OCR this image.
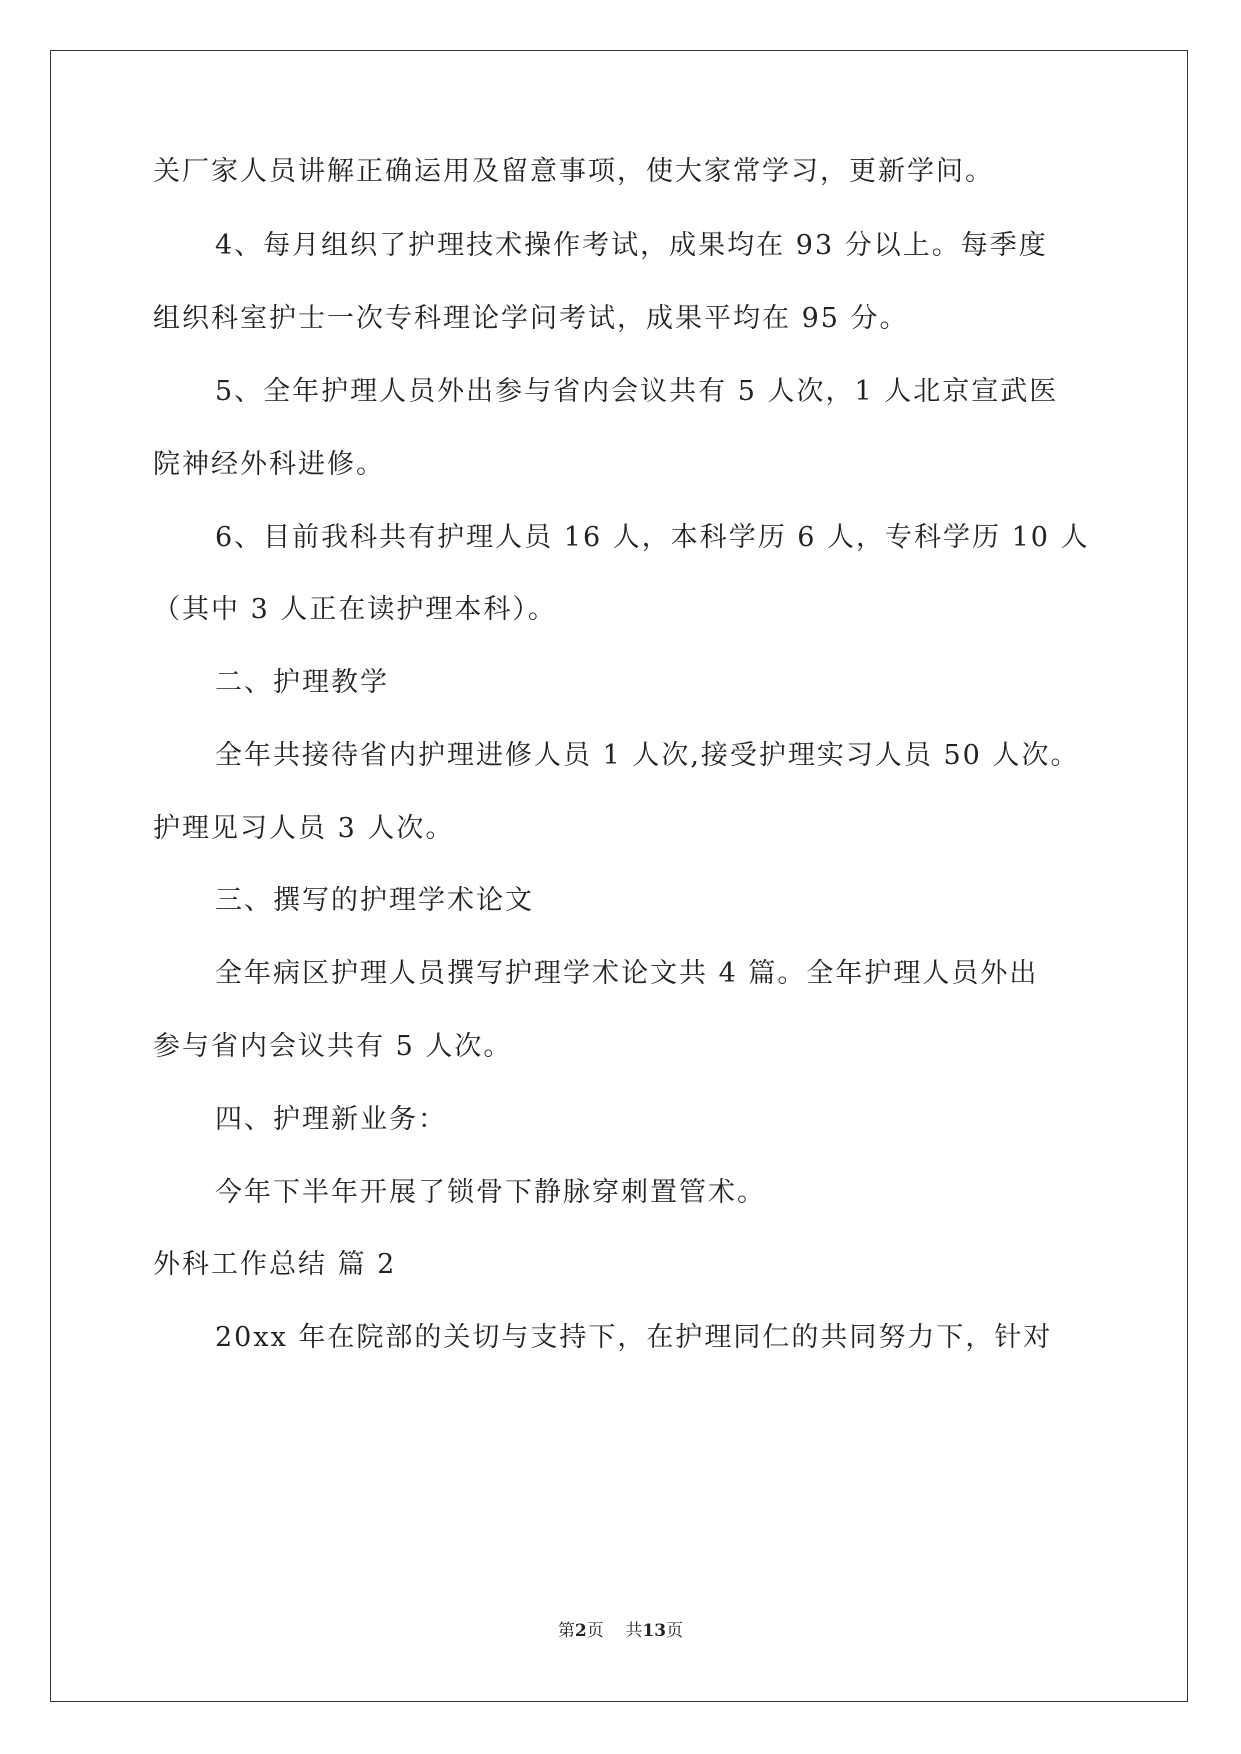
关厂家人员讲解正确运用及留意事项，使大家常学习，更新学问。
4、每月组织了护理技术操作考试，成果均在 93 分以上。每季度
组织科室护士一次专科理论学问考试，成果平均在 95 分。
5、全年护理人员外出参与省内会议共有 5 人次，1 人北京宣武医
院神经外科进修。
6、目前我科共有护理人员 16 人，本科学历 6 人，专科学历 10 人
（其中 3 人正在读护理本科）。
二、护理教学
全年共接待省内护理进修人员 1 人次,接受护理实习人员 50 人次。
护理见习人员 3 人次。
三、撰写的护理学术论文
全年病区护理人员撰写护理学术论文共 4 篇。全年护理人员外出
参与省内会议共有 5 人次。
四、护理新业务：
今年下半年开展了锁骨下静脉穿刺置管术。
外科工作总结 篇 2
20xx 年在院部的关切与支持下，在护理同仁的共同努力下，针对
第2页 共13页
